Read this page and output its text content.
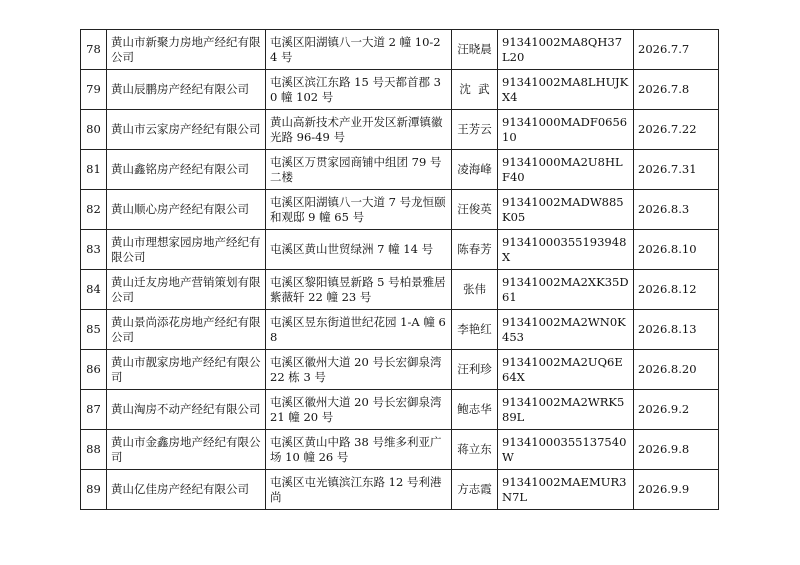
78	黄山市新聚力房地产经纪有限公司	屯溪区阳湖镇八一大道 2 幢 10-24 号	汪晓晨	91341002MA8QH37L20	2026.7.7
79	黄山辰鹏房产经纪有限公司	屯溪区滨江东路 15 号天都首郡 30 幢 102 号	沈  武	91341002MA8LHUJKX4	2026.7.8
80	黄山市云家房产经纪有限公司	黄山高新技术产业开发区新潭镇徽光路 96-49 号	王芳云	91341000MADF065610	2026.7.22
81	黄山鑫铭房产经纪有限公司	屯溪区万贯家园商铺中组团 79 号二楼	凌海峰	91341000MA2U8HLF40	2026.7.31
82	黄山顺心房产经纪有限公司	屯溪区阳湖镇八一大道 7 号龙恒颐和观邸 9 幢 65 号	汪俊英	91341002MADW885K05	2026.8.3
83	黄山市理想家园房地产经纪有限公司	屯溪区黄山世贸绿洲 7 幢 14 号	陈春芳	91341000355193948X	2026.8.10
84	黄山迁友房地产营销策划有限公司	屯溪区黎阳镇昱新路 5 号柏景雅居紫薇轩 22 幢 23 号	张伟	91341002MA2XK35D61	2026.8.12
85	黄山景尚添花房地产经纪有限公司	屯溪区昱东街道世纪花园 1-A 幢 68	李艳红	91341002MA2WN0K453	2026.8.13
86	黄山市靓家房地产经纪有限公司	屯溪区徽州大道 20 号长宏御泉湾 22 栋 3 号	汪利珍	91341002MA2UQ6E64X	2026.8.20
87	黄山淘房不动产经纪有限公司	屯溪区徽州大道 20 号长宏御泉湾 21 幢 20 号	鲍志华	91341002MA2WRK589L	2026.9.2
88	黄山市金鑫房地产经纪有限公司	屯溪区黄山中路 38 号维多利亚广场 10 幢 26 号	蒋立东	91341000355137540W	2026.9.8
89	黄山亿佳房产经纪有限公司	屯溪区屯光镇滨江东路 12 号利港尚	方志霞	91341002MAEMUR3N7L	2026.9.9
